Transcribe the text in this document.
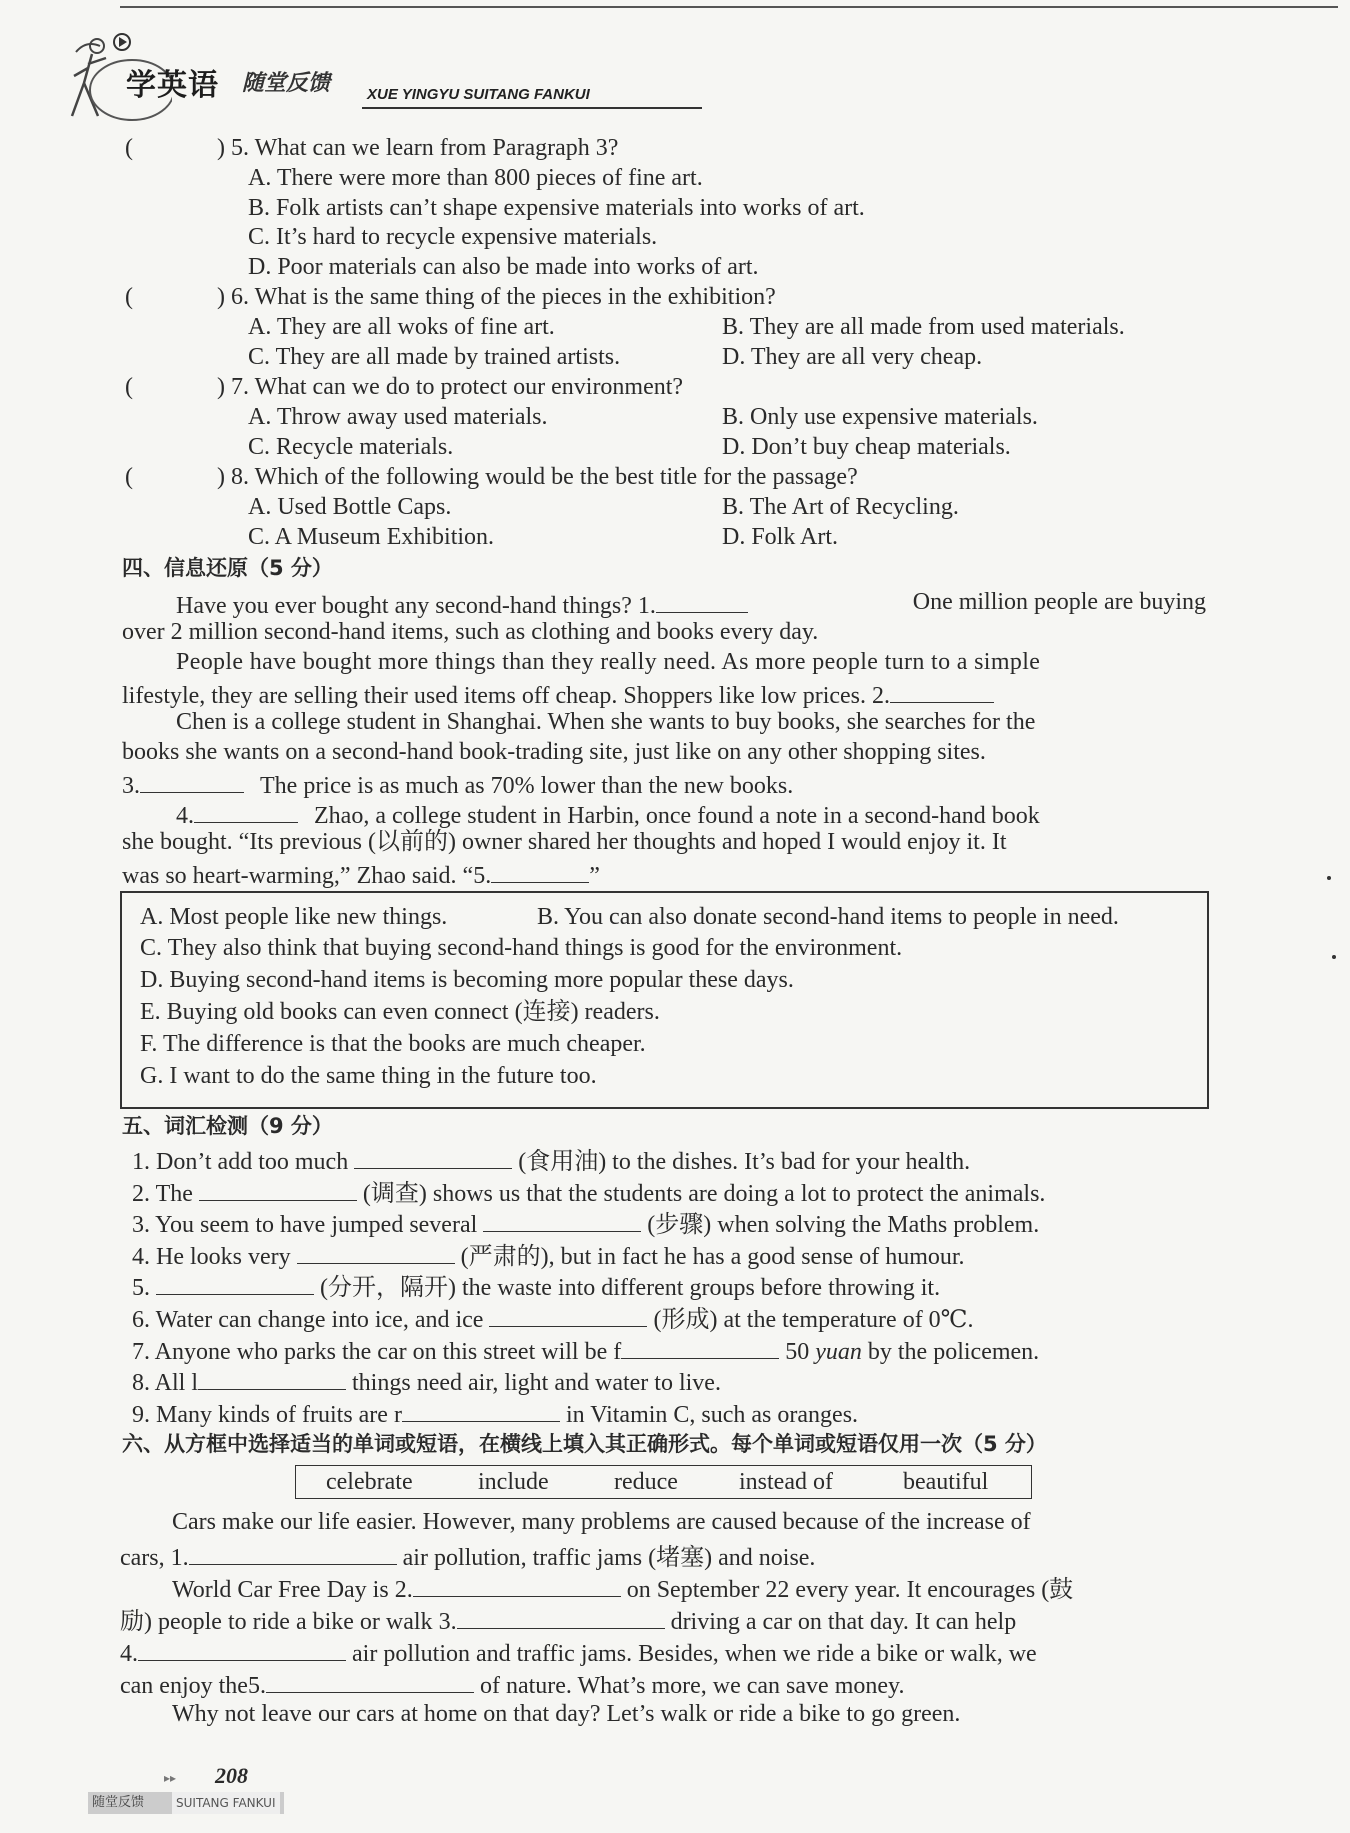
学英语 随堂反馈 XUE YINGYU SUITANG FANKUI
(	) 5. What can we learn from Paragraph 3?
A. There were more than 800 pieces of fine art.
B. Folk artists can’t shape expensive materials into works of art.
C. It’s hard to recycle expensive materials.
D. Poor materials can also be made into works of art.
(	) 6. What is the same thing of the pieces in the exhibition?
A. They are all woks of fine art.	B. They are all made from used materials.
C. They are all made by trained artists.	D. They are all very cheap.
(	) 7. What can we do to protect our environment?
A. Throw away used materials.	B. Only use expensive materials.
C. Recycle materials.	D. Don’t buy cheap materials.
(	) 8. Which of the following would be the best title for the passage?
A. Used Bottle Caps.	B. The Art of Recycling.
C. A Museum Exhibition.	D. Folk Art.
四、信息还原（5 分）
Have you ever bought any second-hand things? 1.	One million people are buying
over 2 million second-hand items, such as clothing and books every day.
People have bought more things than they really need. As more people turn to a simple
lifestyle, they are selling their used items off cheap. Shoppers like low prices. 2.
Chen is a college student in Shanghai. When she wants to buy books, she searches for the
books she wants on a second-hand book-trading site, just like on any other shopping sites.
3.	The price is as much as 70% lower than the new books.
4.	Zhao, a college student in Harbin, once found a note in a second-hand book
she bought. “Its previous (以前的) owner shared her thoughts and hoped I would enjoy it. It
was so heart-warming,” Zhao said. “5.	”
A. Most people like new things.	B. You can also donate second-hand items to people in need.
C. They also think that buying second-hand things is good for the environment.
D. Buying second-hand items is becoming more popular these days.
E. Buying old books can even connect (连接) readers.
F. The difference is that the books are much cheaper.
G. I want to do the same thing in the future too.
五、词汇检测（9 分）
1. Don’t add too much	(食用油) to the dishes. It’s bad for your health.
2. The	(调查) shows us that the students are doing a lot to protect the animals.
3. You seem to have jumped several	(步骤) when solving the Maths problem.
4. He looks very	(严肃的), but in fact he has a good sense of humour.
5.	(分开，隔开) the waste into different groups before throwing it.
6. Water can change into ice, and ice	(形成) at the temperature of 0℃.
7. Anyone who parks the car on this street will be f	50 yuan by the policemen.
8. All l	things need air, light and water to live.
9. Many kinds of fruits are r	in Vitamin C, such as oranges.
六、从方框中选择适当的单词或短语，在横线上填入其正确形式。每个单词或短语仅用一次（5 分）
celebrate	include	reduce	instead of	beautiful
Cars make our life easier. However, many problems are caused because of the increase of
cars, 1.	air pollution, traffic jams (堵塞) and noise.
World Car Free Day is 2.	on September 22 every year. It encourages (鼓
励) people to ride a bike or walk 3.	driving a car on that day. It can help
4.	air pollution and traffic jams. Besides, when we ride a bike or walk, we
can enjoy the5.	of nature. What’s more, we can save money.
Why not leave our cars at home on that day? Let’s walk or ride a bike to go green.
▸▸ 208
随堂反馈	SUITANG FANKUI
